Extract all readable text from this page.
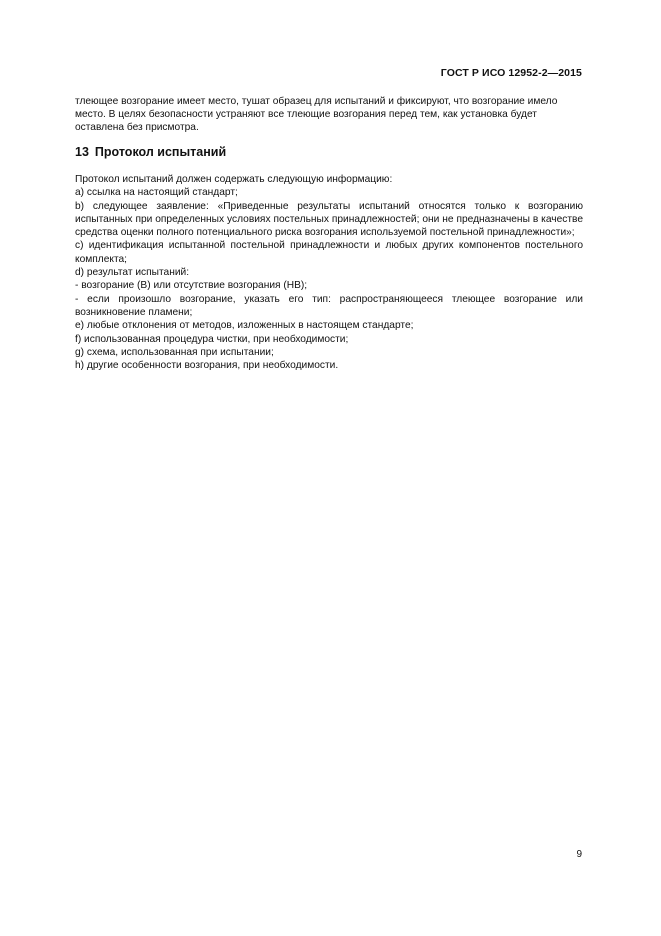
ГОСТ Р ИСО 12952-2—2015
тлеющее возгорание имеет место, тушат образец для испытаний и фиксируют, что возгорание имело
место. В целях безопасности устраняют все тлеющие возгорания перед тем, как установка будет
оставлена без присмотра.
13 Протокол испытаний
Протокол испытаний должен содержать следующую информацию:
a) ссылка на настоящий стандарт;
b) следующее заявление: «Приведенные результаты испытаний относятся только к возгоранию испытанных при определенных условиях постельных принадлежностей; они не предназначены в качестве средства оценки полного потенциального риска возгорания используемой постельной принадлежности»;
c) идентификация испытанной постельной принадлежности и любых других компонентов постельного комплекта;
d) результат испытаний:
- возгорание (В) или отсутствие возгорания (НВ);
- если произошло возгорание, указать его тип: распространяющееся тлеющее возгорание или возникновение пламени;
e) любые отклонения от методов, изложенных в настоящем стандарте;
f) использованная процедура чистки, при необходимости;
g) схема, использованная при испытании;
h) другие особенности возгорания, при необходимости.
9
